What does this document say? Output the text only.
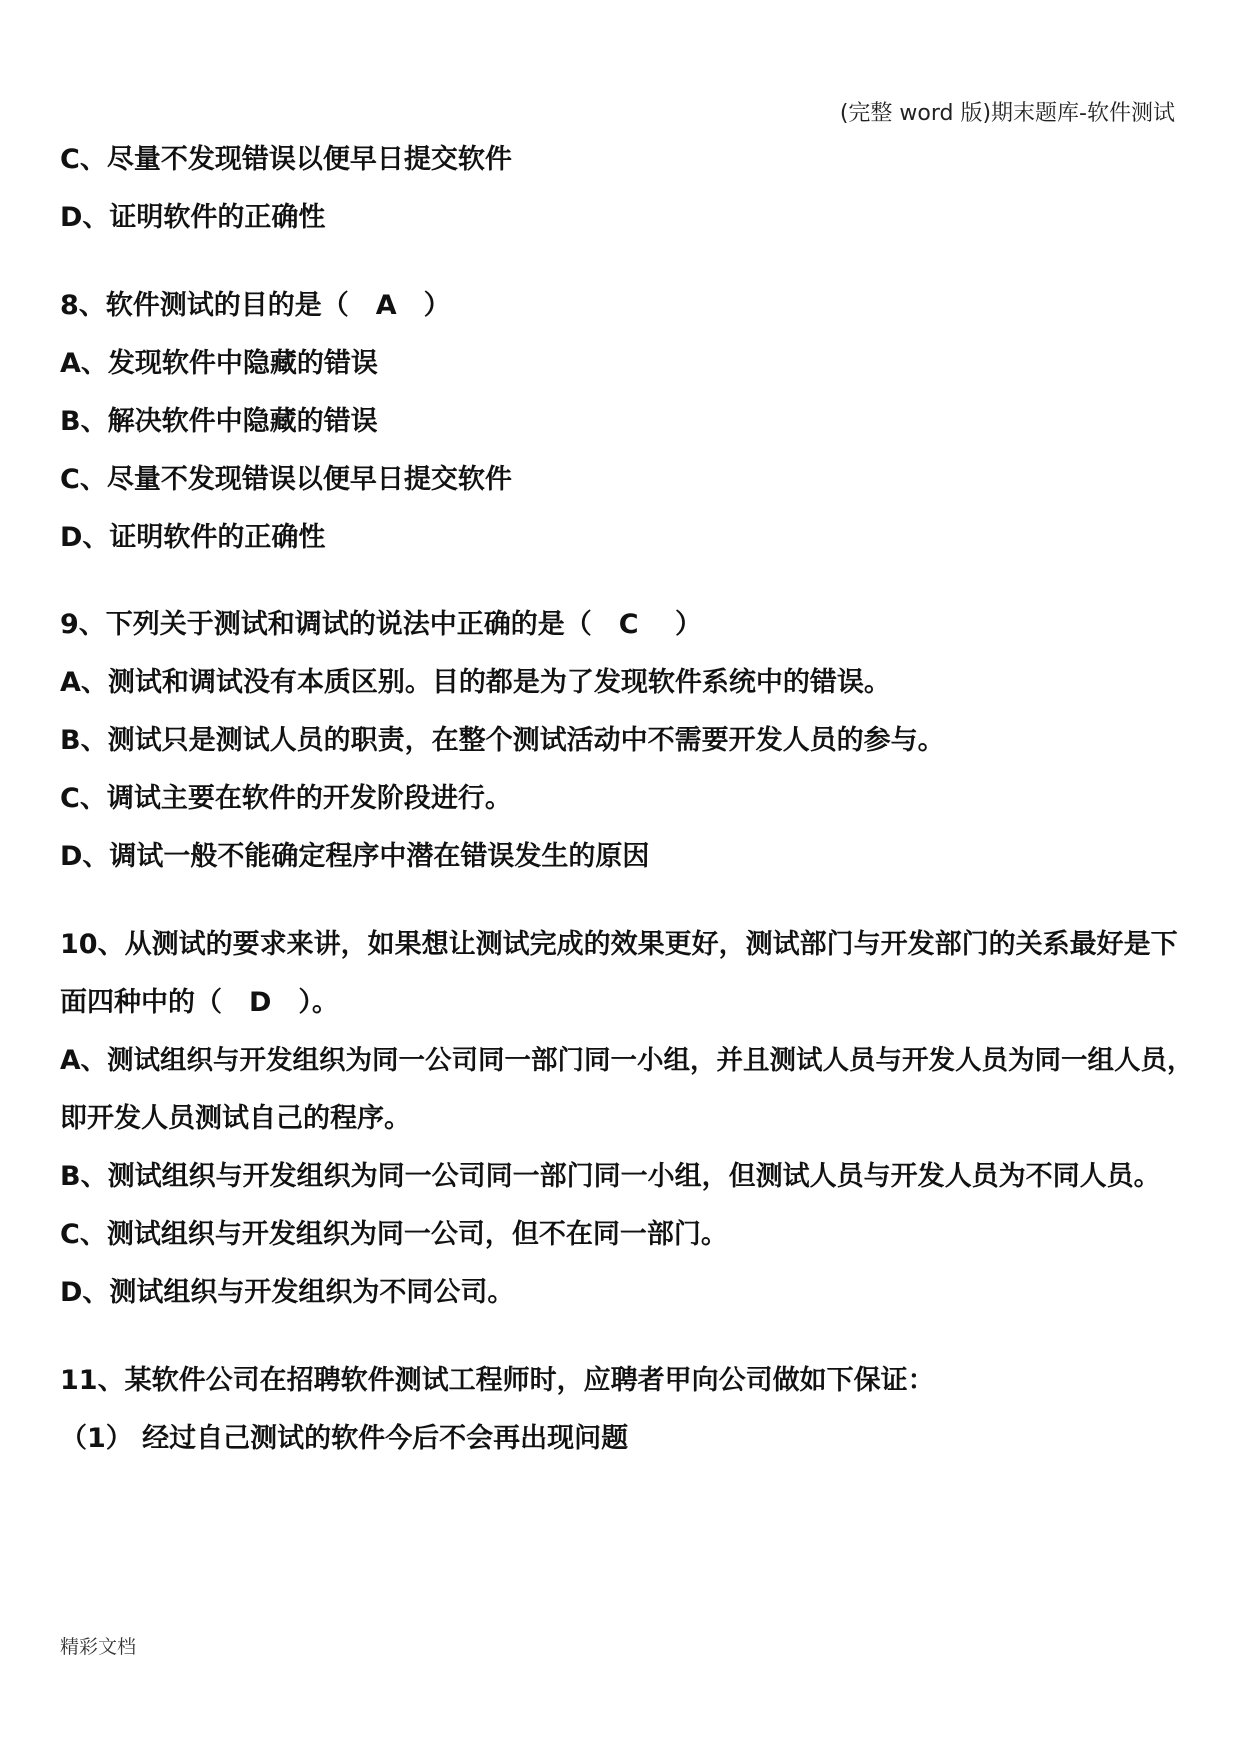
(完整 word 版)期末题库-软件测试
C、尽量不发现错误以便早日提交软件
D、证明软件的正确性
8、软件测试的目的是（　A　）
A、发现软件中隐藏的错误
B、解决软件中隐藏的错误
C、尽量不发现错误以便早日提交软件
D、证明软件的正确性
9、下列关于测试和调试的说法中正确的是（　C　 ）
A、测试和调试没有本质区别。目的都是为了发现软件系统中的错误。
B、测试只是测试人员的职责，在整个测试活动中不需要开发人员的参与。
C、调试主要在软件的开发阶段进行。
D、调试一般不能确定程序中潜在错误发生的原因
10、从测试的要求来讲，如果想让测试完成的效果更好，测试部门与开发部门的关系最好是下
面四种中的（　D　）。
A、测试组织与开发组织为同一公司同一部门同一小组，并且测试人员与开发人员为同一组人员，
即开发人员测试自己的程序。
B、测试组织与开发组织为同一公司同一部门同一小组，但测试人员与开发人员为不同人员。
C、测试组织与开发组织为同一公司，但不在同一部门。
D、测试组织与开发组织为不同公司。
11、某软件公司在招聘软件测试工程师时，应聘者甲向公司做如下保证：
（1） 经过自己测试的软件今后不会再出现问题
精彩文档
